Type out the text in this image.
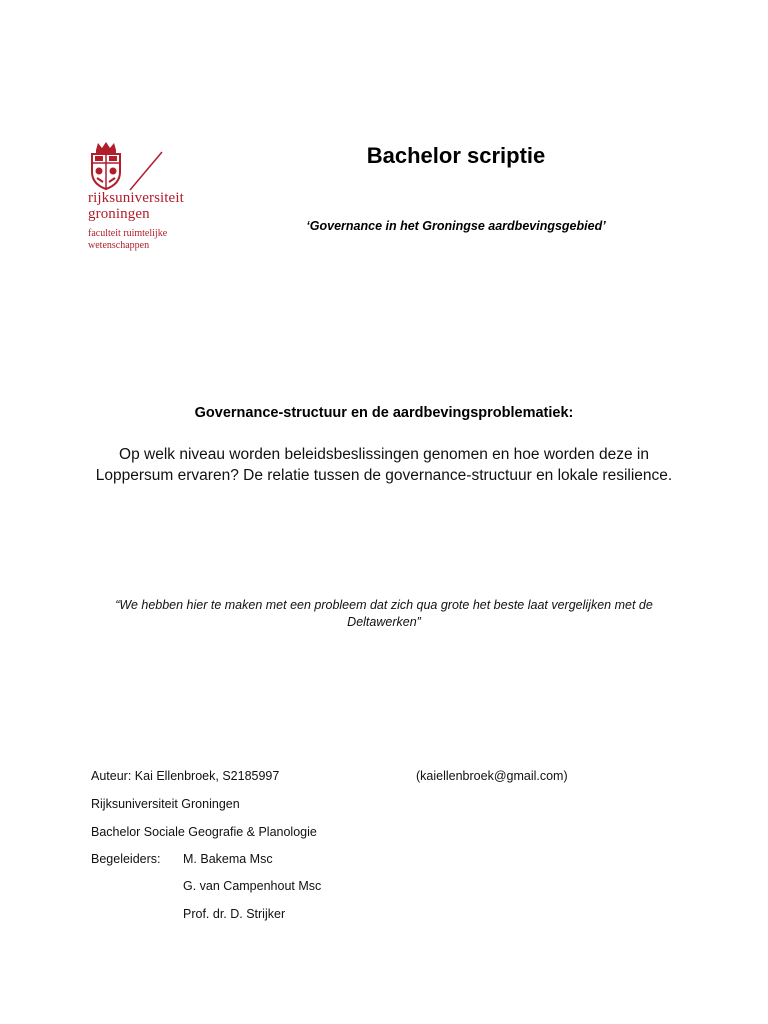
rijksuniversiteit
groningen
faculteit ruimtelijke
wetenschappen
Bachelor scriptie
‘Governance in het Groningse aardbevingsgebied’
Governance-structuur en de aardbevingsproblematiek:
Op welk niveau worden beleidsbeslissingen genomen en hoe worden deze in Loppersum ervaren? De relatie tussen de governance-structuur en lokale resilience.
“We hebben hier te maken met een probleem dat zich qua grote het beste laat vergelijken met de Deltawerken”
Auteur: Kai Ellenbroek, S2185997	(kaiellenbroek@gmail.com)
Rijksuniversiteit Groningen
Bachelor Sociale Geografie & Planologie
Begeleiders: M. Bakema Msc
G. van Campenhout Msc
Prof. dr. D. Strijker
